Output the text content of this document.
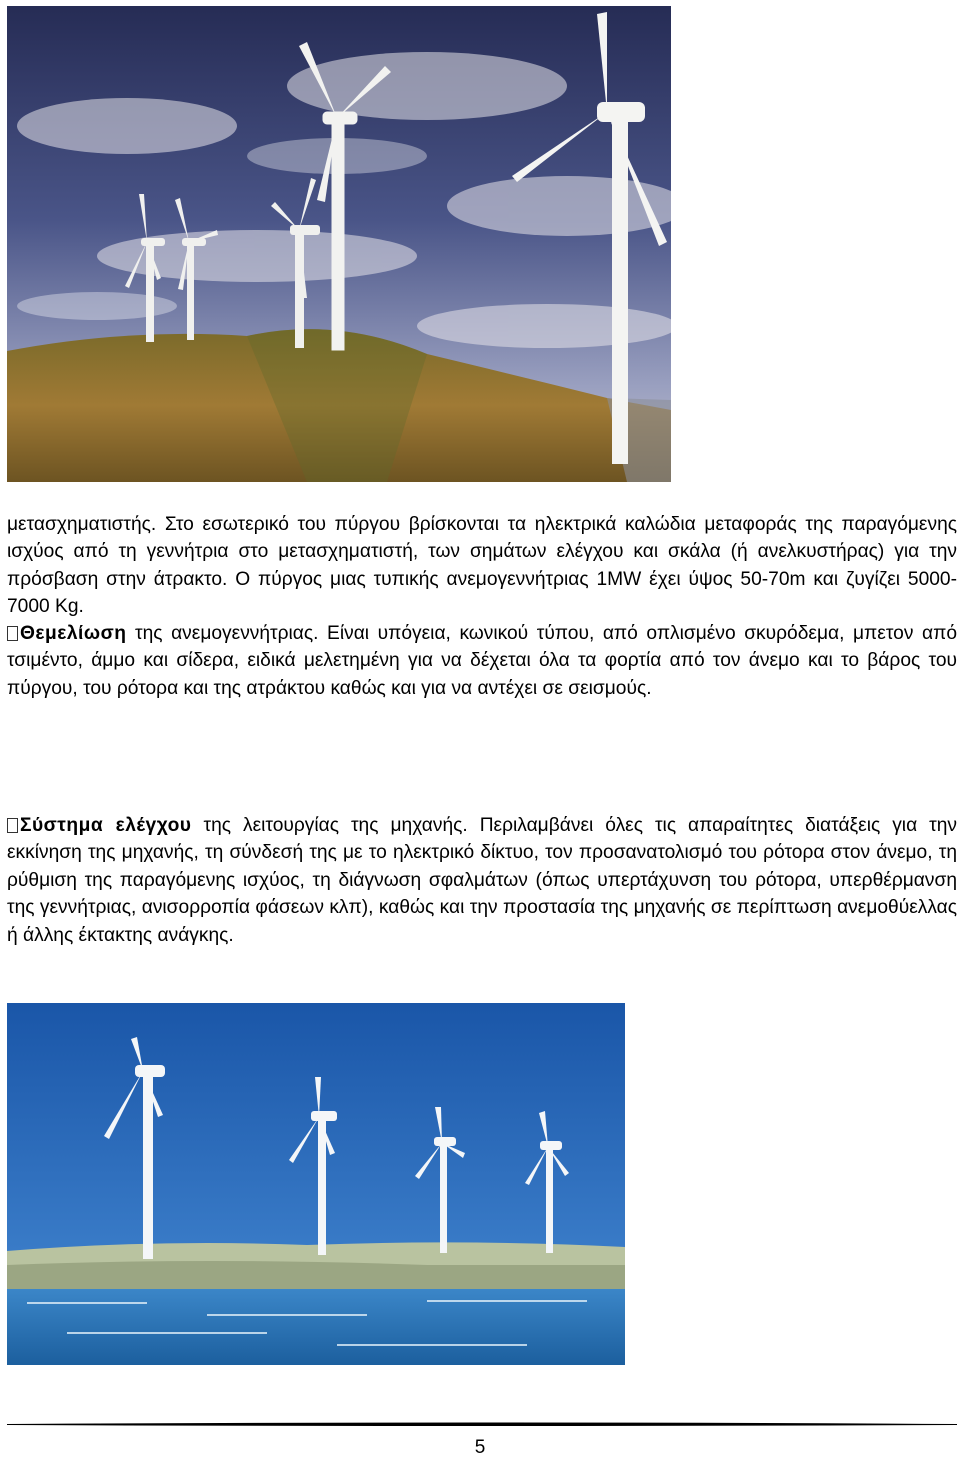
μετασχηματιστής. Στο εσωτερικό του πύργου βρίσκονται τα ηλεκτρικά καλώδια μεταφοράς της παραγόμενης ισχύος από τη γεννήτρια στο μετασχηματιστή, των σημάτων ελέγχου και σκάλα (ή ανελκυστήρας) για την πρόσβαση στην άτρακτο. Ο πύργος μιας τυπικής ανεμογεννήτριας 1MW έχει ύψος 50-70m και ζυγίζει 5000-7000 Kg.

Θεμελίωση της ανεμογεννήτριας. Είναι υπόγεια, κωνικού τύπου, από οπλισμένο σκυρόδεμα, μπετον από τσιμέντο, άμμο και σίδερα, ειδικά μελετημένη για να δέχεται όλα τα φορτία από τον άνεμο και το βάρος του πύργου, του ρότορα και της ατράκτου καθώς και για να αντέχει σε σεισμούς.

Σύστημα ελέγχου της λειτουργίας της μηχανής. Περιλαμβάνει όλες τις απαραίτητες διατάξεις για την εκκίνηση της μηχανής, τη σύνδεσή της με το ηλεκτρικό δίκτυο, τον προσανατολισμό του ρότορα στον άνεμο, τη ρύθμιση της παραγόμενης ισχύος, τη διάγνωση σφαλμάτων (όπως υπερτάχυνση του ρότορα, υπερθέρμανση της γεννήτριας, ανισορροπία φάσεων κλπ), καθώς και την προστασία της μηχανής σε περίπτωση ανεμοθύελλας ή άλλης έκτακτης ανάγκης.

5
